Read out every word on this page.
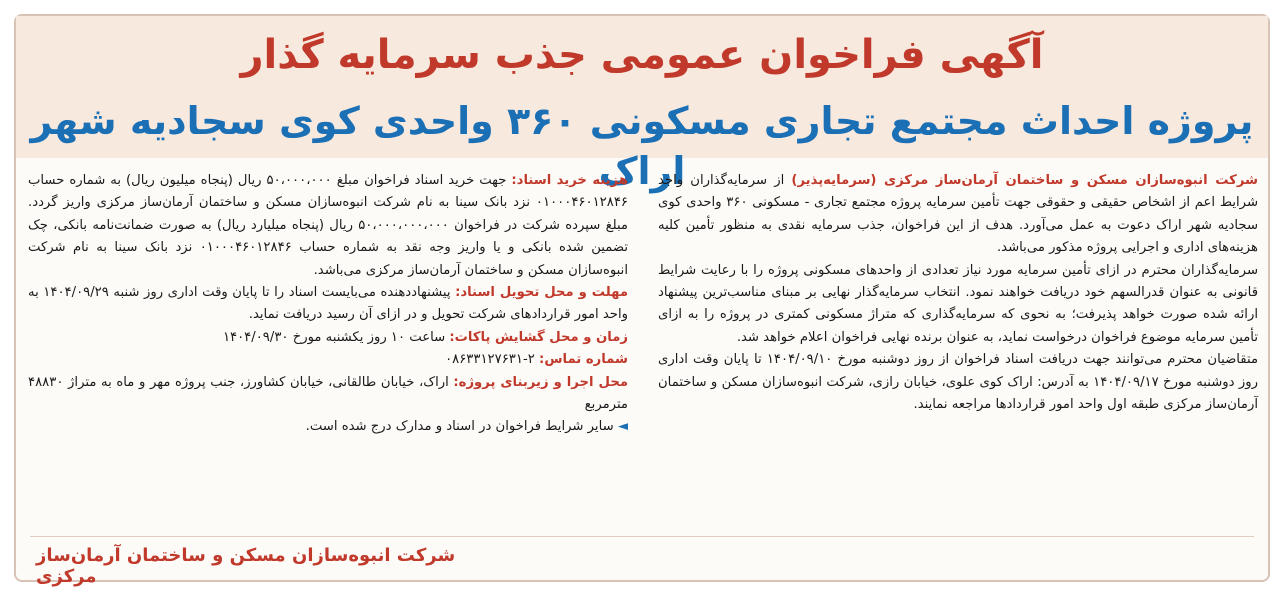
آگهی فراخوان عمومی جذب سرمایه گذار
پروژه احداث مجتمع تجاری مسکونی ۳۶۰ واحدی کوی سجادیه شهر اراک	شرکت انبوه‌سازان مسکن و ساختمان آرمان‌ساز مرکزی (سرمایه‌پذیر) از سرمایه‌گذاران واجد شرایط اعم از اشخاص حقیقی و حقوقی جهت تأمین سرمایه پروژه مجتمع تجاری - مسکونی ۳۶۰ واحدی کوی سجادیه شهر اراک دعوت به عمل می‌آورد. هدف از این فراخوان، جذب سرمایه نقدی به منظور تأمین کلیه هزینه‌های اداری و اجرایی پروژه مذکور می‌باشد.

سرمایه‌گذاران محترم در ازای تأمین سرمایه مورد نیاز تعدادی از واحدهای مسکونی پروژه را با رعایت شرایط قانونی به عنوان قدرالسهم خود دریافت خواهند نمود. انتخاب سرمایه‌گذار نهایی بر مبنای مناسب‌ترین پیشنهاد ارائه شده صورت خواهد پذیرفت؛ به نحوی که سرمایه‌گذاری که متراژ مسکونی کمتری در پروژه را به ازای تأمین سرمایه موضوع فراخوان درخواست نماید، به عنوان برنده نهایی فراخوان اعلام خواهد شد.

متقاضیان محترم می‌توانند جهت دریافت اسناد فراخوان از روز دوشنبه مورخ ۱۴۰۴/۰۹/۱۰ تا پایان وقت اداری روز دوشنبه مورخ ۱۴۰۴/۰۹/۱۷ به آدرس: اراک کوی علوی، خیابان رازی، شرکت انبوه‌سازان مسکن و ساختمان آرمان‌ساز مرکزی طبقه اول واحد امور قراردادها مراجعه نمایند.

هزینه خرید اسناد: جهت خرید اسناد فراخوان مبلغ ۵۰،۰۰۰،۰۰۰ ریال (پنجاه میلیون ریال) به شماره حساب ۰۱۰۰۰۴۶۰۱۲۸۴۶ نزد بانک سینا به نام شرکت انبوه‌سازان مسکن و ساختمان آرمان‌ساز مرکزی واریز گردد. مبلغ سپرده شرکت در فراخوان ۵۰،۰۰۰،۰۰۰،۰۰۰ ریال (پنجاه میلیارد ریال) به صورت ضمانت‌نامه بانکی، چک تضمین شده بانکی و یا واریز وجه نقد به شماره حساب ۰۱۰۰۰۴۶۰۱۲۸۴۶ نزد بانک سینا به نام شرکت انبوه‌سازان مسکن و ساختمان آرمان‌ساز مرکزی می‌باشد.

مهلت و محل تحویل اسناد: پیشنهاددهنده می‌بایست اسناد را تا پایان وقت اداری روز شنبه ۱۴۰۴/۰۹/۲۹ به واحد امور قراردادهای شرکت تحویل و در ازای آن رسید دریافت نماید.

زمان و محل گشایش پاکات: ساعت ۱۰ روز یکشنبه مورخ ۱۴۰۴/۰۹/۳۰

شماره تماس: ۲-۰۸۶۳۳۱۲۷۶۳۱

محل اجرا و زیربنای پروژه: اراک، خیابان طالقانی، خیابان کشاورز، جنب پروژه مهر و ماه به متراژ ۴۸۸۳۰ مترمربع

◄ سایر شرایط فراخوان در اسناد و مدارک درج شده است.

شرکت انبوه‌سازان مسکن و ساختمان آرمان‌ساز مرکزی
